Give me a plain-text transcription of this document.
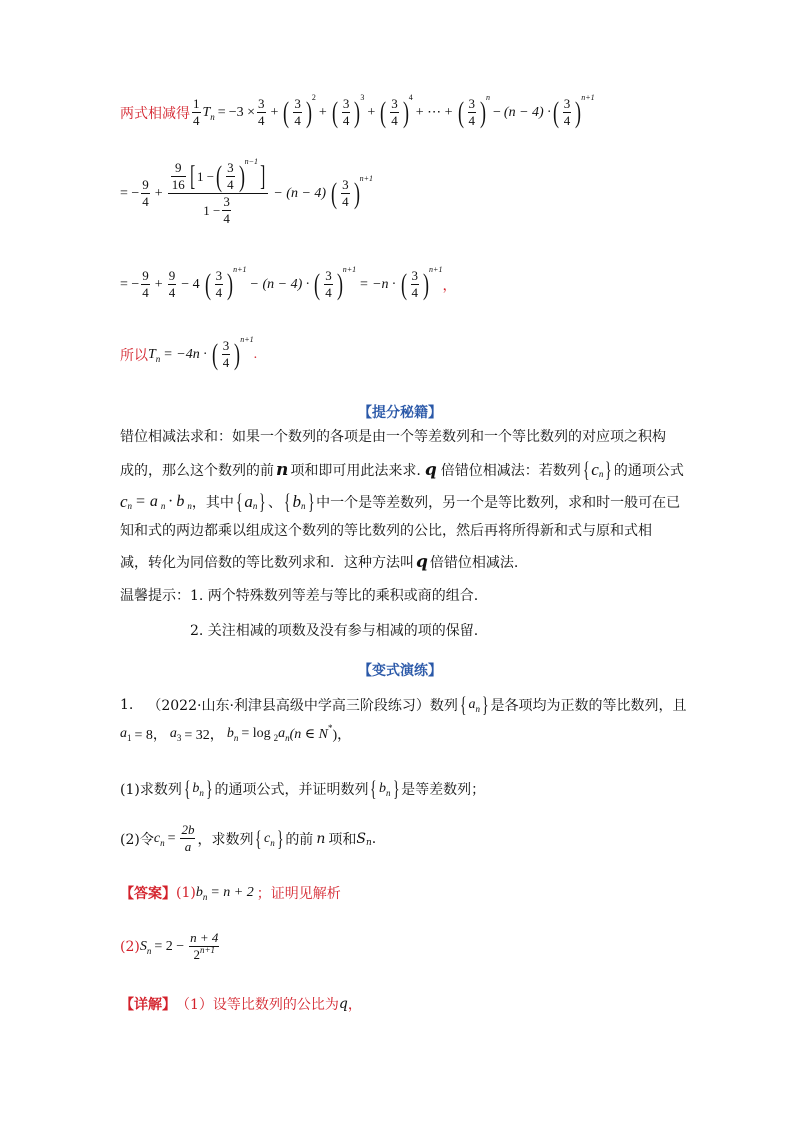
两式相减得 $\frac{1}{4}$ T $n = -3 \times \frac{3}{4}$ + ( $\frac{3}{4}$ ) 2
+ ( $\frac{3}{4}$ ) 3
+ ( $\frac{3}{4}$ ) 4
+ ⋯ + ( $\frac{3}{4}$ ) n
− (n − 4) · ( $\frac{3}{4}$ ) n+1
= − $\frac{9}{4} + \frac{\frac{9}{16} [ 1 - ( \frac{3}{4} ) n-1 ]}{1 - \frac{3}{4}} - (n - 4)$ ( $\frac{3}{4}$ ) n+1
= − $\frac{9}{4} + \frac{9}{4} - 4$ ( $\frac{3}{4}$ ) n+1
− (n − 4) · ( $\frac{3}{4}$ ) n+1
= −n · ( $\frac{3}{4}$ ) n+1
，
所以 T n = −4n · ( $\frac{3}{4}$ ) n+1
.
【提分秘籍】
错位相减法求和：如果一个数列的各项是由一个等差数列和一个等比数列的对应项之积构
成的，那么这个数列的前 n 项和即可用此法来求. q 倍错位相减法：若数列 { c n } 的通项公式
c n = a n · b n ，其中 { a n } 、 { b n } 中一个是等差数列，另一个是等比数列，求和时一般可在已
知和式的两边都乘以组成这个数列的等比数列的公比，然后再将所得新和式与原和式相
减，转化为同倍数的等比数列求和．这种方法叫 q 倍错位相减法.
温馨提示：1. 两个特殊数列等差与等比的乘积或商的组合.
2. 关注相减的项数及没有参与相减的项的保留.
【变式演练】
1. （2022·山东·利津县高级中学高三阶段练习）数列 { a n } 是各项均为正数的等比数列，且
a 1 = 8， a 3 = 32， b n = log 2 a n (n ∈ N * )，
(1)求数列 { b n } 的通项公式，并证明数列 { b n } 是等差数列；
(2)令 c $n = \frac{2b}{a}$ ，求数列 { c n } 的前 n 项和 S n .
【答案】 (1) b n = n + 2 ；证明见解析
(2) S $n = 2 - \frac{n + 4}{2^{n+1}}$
【详解】 （1）设等比数列的公比为 q ，
